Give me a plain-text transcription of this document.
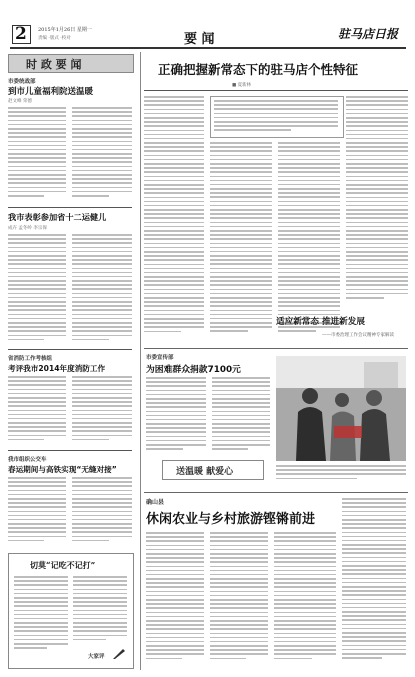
2 2015年1月26日 星期一
责编 ·版式 ·校对	要 闻	驻马店日报
时 政 要 闻
市委统战部
到市儿童福利院送温暖
赵文峰 荣德
我市表彰参加省十二运健儿
成卉 孟冬岭 李宗保
省消防工作考核组
考评我市2014年度消防工作
我市组织公交车
春运期间与高铁实现“无缝对接”
切莫“记吃不记打”
大家评
正确把握新常态下的驻马店个性特征
■ 夏新林
适应新常态 推进新发展
——市委治理工作会议精神专家解读
市委宣传部
为困难群众捐款7100元
送温暖 献爱心
确山县
休闲农业与乡村旅游铿锵前进
